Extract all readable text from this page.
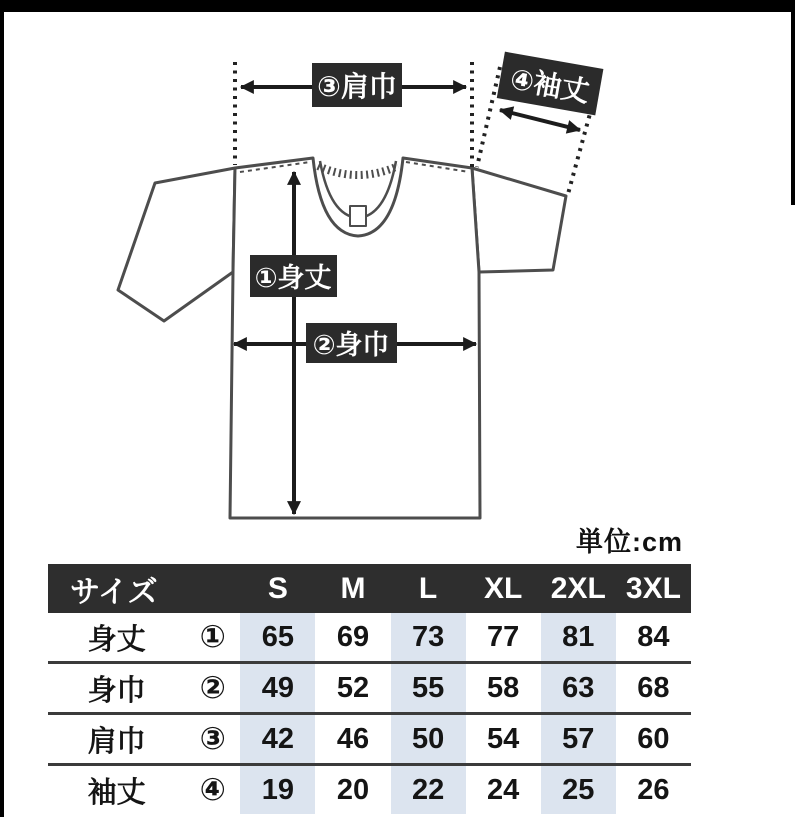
③肩巾	④袖丈
①身丈
②身巾
単位:cm
サイズ		S	M	L	XL	2XL	3XL
身丈	①	65	69	73	77	81	84
身巾	②	49	52	55	58	63	68
肩巾	③	42	46	50	54	57	60
袖丈	④	19	20	22	24	25	26
